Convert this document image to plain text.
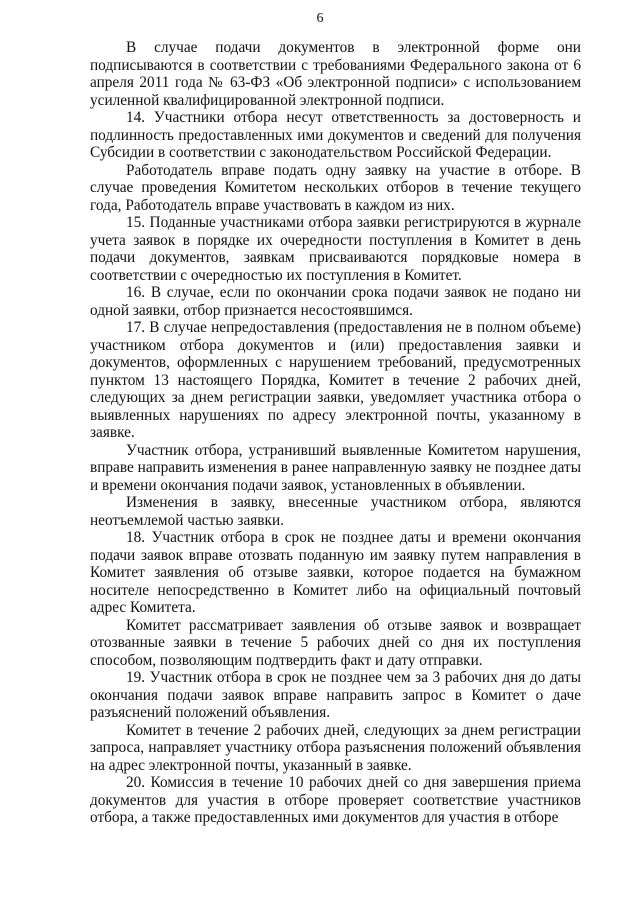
6

В случае подачи документов в электронной форме они подписываются в соответствии с требованиями Федерального закона от 6 апреля 2011 года № 63-ФЗ «Об электронной подписи» с использованием усиленной квалифицированной электронной подписи.

14. Участники отбора несут ответственность за достоверность и подлинность предоставленных ими документов и сведений для получения Субсидии в соответствии с законодательством Российской Федерации.

Работодатель вправе подать одну заявку на участие в отборе. В случае проведения Комитетом нескольких отборов в течение текущего года, Работодатель вправе участвовать в каждом из них.

15. Поданные участниками отбора заявки регистрируются в журнале учета заявок в порядке их очередности поступления в Комитет в день подачи документов, заявкам присваиваются порядковые номера в соответствии с очередностью их поступления в Комитет.

16. В случае, если по окончании срока подачи заявок не подано ни одной заявки, отбор признается несостоявшимся.

17. В случае непредоставления (предоставления не в полном объеме) участником отбора документов и (или) предоставления заявки и документов, оформленных с нарушением требований, предусмотренных пунктом 13 настоящего Порядка, Комитет в течение 2 рабочих дней, следующих за днем регистрации заявки, уведомляет участника отбора о выявленных нарушениях по адресу электронной почты, указанному в заявке.

Участник отбора, устранивший выявленные Комитетом нарушения, вправе направить изменения в ранее направленную заявку не позднее даты и времени окончания подачи заявок, установленных в объявлении.

Изменения в заявку, внесенные участником отбора, являются неотъемлемой частью заявки.

18. Участник отбора в срок не позднее даты и времени окончания подачи заявок вправе отозвать поданную им заявку путем направления в Комитет заявления об отзыве заявки, которое подается на бумажном носителе непосредственно в Комитет либо на официальный почтовый адрес Комитета.

Комитет рассматривает заявления об отзыве заявок и возвращает отозванные заявки в течение 5 рабочих дней со дня их поступления способом, позволяющим подтвердить факт и дату отправки.

19. Участник отбора в срок не позднее чем за 3 рабочих дня до даты окончания подачи заявок вправе направить запрос в Комитет о даче разъяснений положений объявления.

Комитет в течение 2 рабочих дней, следующих за днем регистрации запроса, направляет участнику отбора разъяснения положений объявления на адрес электронной почты, указанный в заявке.

20. Комиссия в течение 10 рабочих дней со дня завершения приема документов для участия в отборе проверяет соответствие участников отбора, а также предоставленных ими документов для участия в отборе
